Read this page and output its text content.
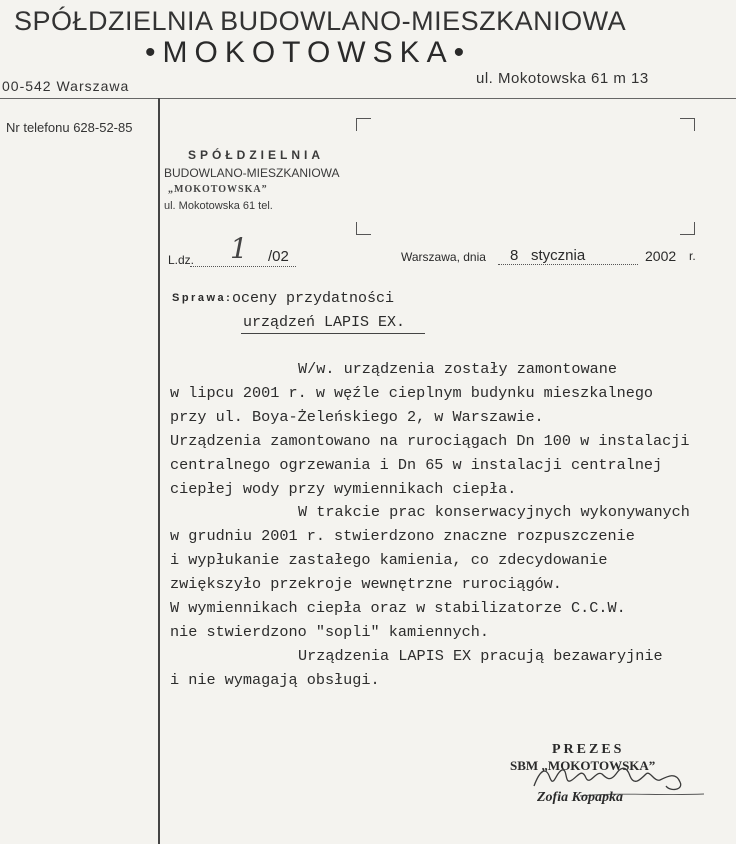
SPÓŁDZIELNIA BUDOWLANO-MIESZKANIOWA
•MOKOTOWSKA•
00-542 Warszawa	ul. Mokotowska 61 m 13
Nr telefonu 628-52-85
SPÓŁDZIELNIA
BUDOWLANO-MIESZKANIOWA
„MOKOTOWSKA”
ul. Mokotowska 61 tel.
L.dz. 1 /02	Warszawa, dnia 8 stycznia	2002 r.
Sprawa: oceny przydatności
urządzeń LAPIS EX.
W/w. urządzenia zostały zamontowane
w lipcu 2001 r. w węźle cieplnym budynku mieszkalnego
przy ul. Boya-Żeleńskiego 2, w Warszawie.
Urządzenia zamontowano na rurociągach Dn 100 w instalacji
centralnego ogrzewania i Dn 65 w instalacji centralnej
ciepłej wody przy wymiennikach ciepła.
W trakcie prac konserwacyjnych wykonywanych
w grudniu 2001 r. stwierdzono znaczne rozpuszczenie
i wypłukanie zastałego kamienia, co zdecydowanie
zwiększyło przekroje wewnętrzne rurociągów.
W wymiennikach ciepła oraz w stabilizatorze C.C.W.
nie stwierdzono "sopli" kamiennych.
Urządzenia LAPIS EX pracują bezawaryjnie
i nie wymagają obsługi.
PREZES
SBM „MOKOTOWSKA”
Zofia Kopapka
